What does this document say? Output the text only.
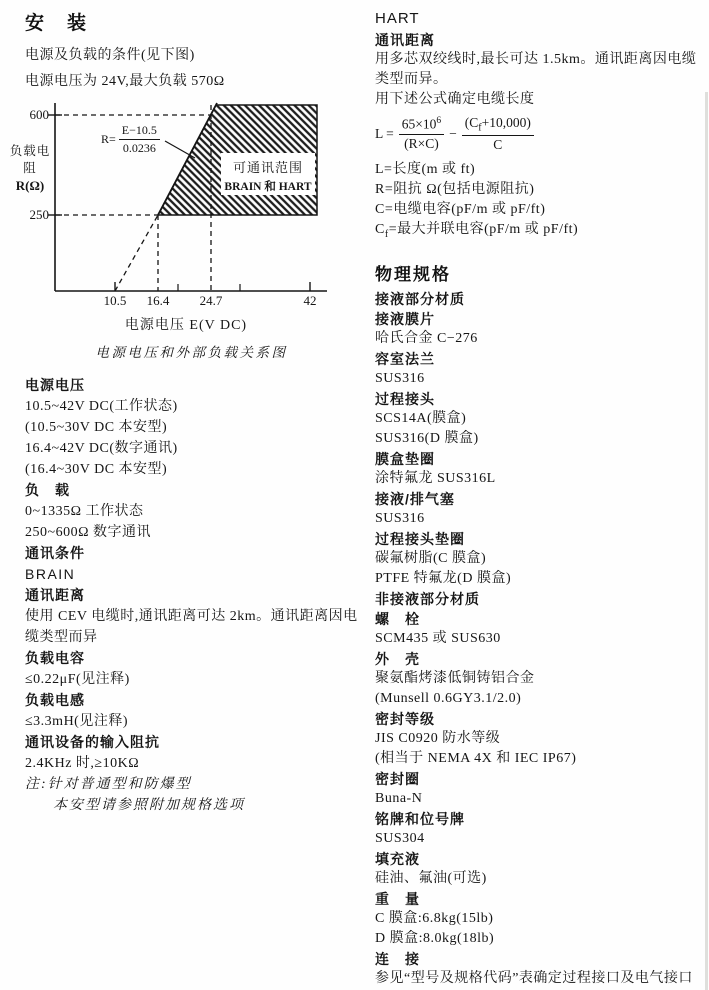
安　装
电源及负载的条件(见下图)
电源电压为 24V,最大负载 570Ω
600
250
负载电阻
R(Ω)
$R= \frac{E-10.5}{0.0236}$
可通讯范围
BRAIN 和 HART
10.5	16.4	24.7	42
电源电压 E(V DC)
电源电压和外部负载关系图
电源电压
10.5~42V DC(工作状态)
(10.5~30V DC 本安型)
16.4~42V DC(数字通讯)
(16.4~30V DC 本安型)
负　载
0~1335Ω 工作状态
250~600Ω 数字通讯
通讯条件
BRAIN
通讯距离
使用 CEV 电缆时,通讯距离可达 2km。通讯距离因电缆类型而异
负载电容
≤0.22μF(见注释)
负载电感
≤3.3mH(见注释)
通讯设备的输入阻抗
2.4KHz 时,≥10KΩ
注:针对普通型和防爆型
本安型请参照附加规格选项
HART
通讯距离
用多芯双绞线时,最长可达 1.5km。通讯距离因电缆类型而异。
用下述公式确定电缆长度
$L = \frac{65\times 10^6}{(R\times C)} - \frac{(C_f+10,000)}{C}$
L=长度(m 或 ft)
R=阻抗 Ω(包括电源阻抗)
C=电缆电容(pF/m 或 pF/ft)
$C_f=$最大并联电容(pF/m 或 pF/ft)
物理规格
接液部分材质
接液膜片
哈氏合金 C−276
容室法兰
SUS316
过程接头
SCS14A(膜盒)
SUS316(D 膜盒)
膜盒垫圈
涂特氟龙 SUS316L
接液/排气塞
SUS316
过程接头垫圈
碳氟树脂(C 膜盒)
PTFE 特氟龙(D 膜盒)
非接液部分材质
螺　栓
SCM435 或 SUS630
外　壳
聚氨酯烤漆低铜铸铝合金
(Munsell 0.6GY3.1/2.0)
密封等级
JIS C0920 防水等级
(相当于 NEMA 4X 和 IEC IP67)
密封圈
Buna-N
铭牌和位号牌
SUS304
填充液
硅油、氟油(可选)
重　量
C 膜盒:6.8kg(15lb)
D 膜盒:8.0kg(18lb)
连　接
参见“型号及规格代码”表确定过程接口及电气接口
